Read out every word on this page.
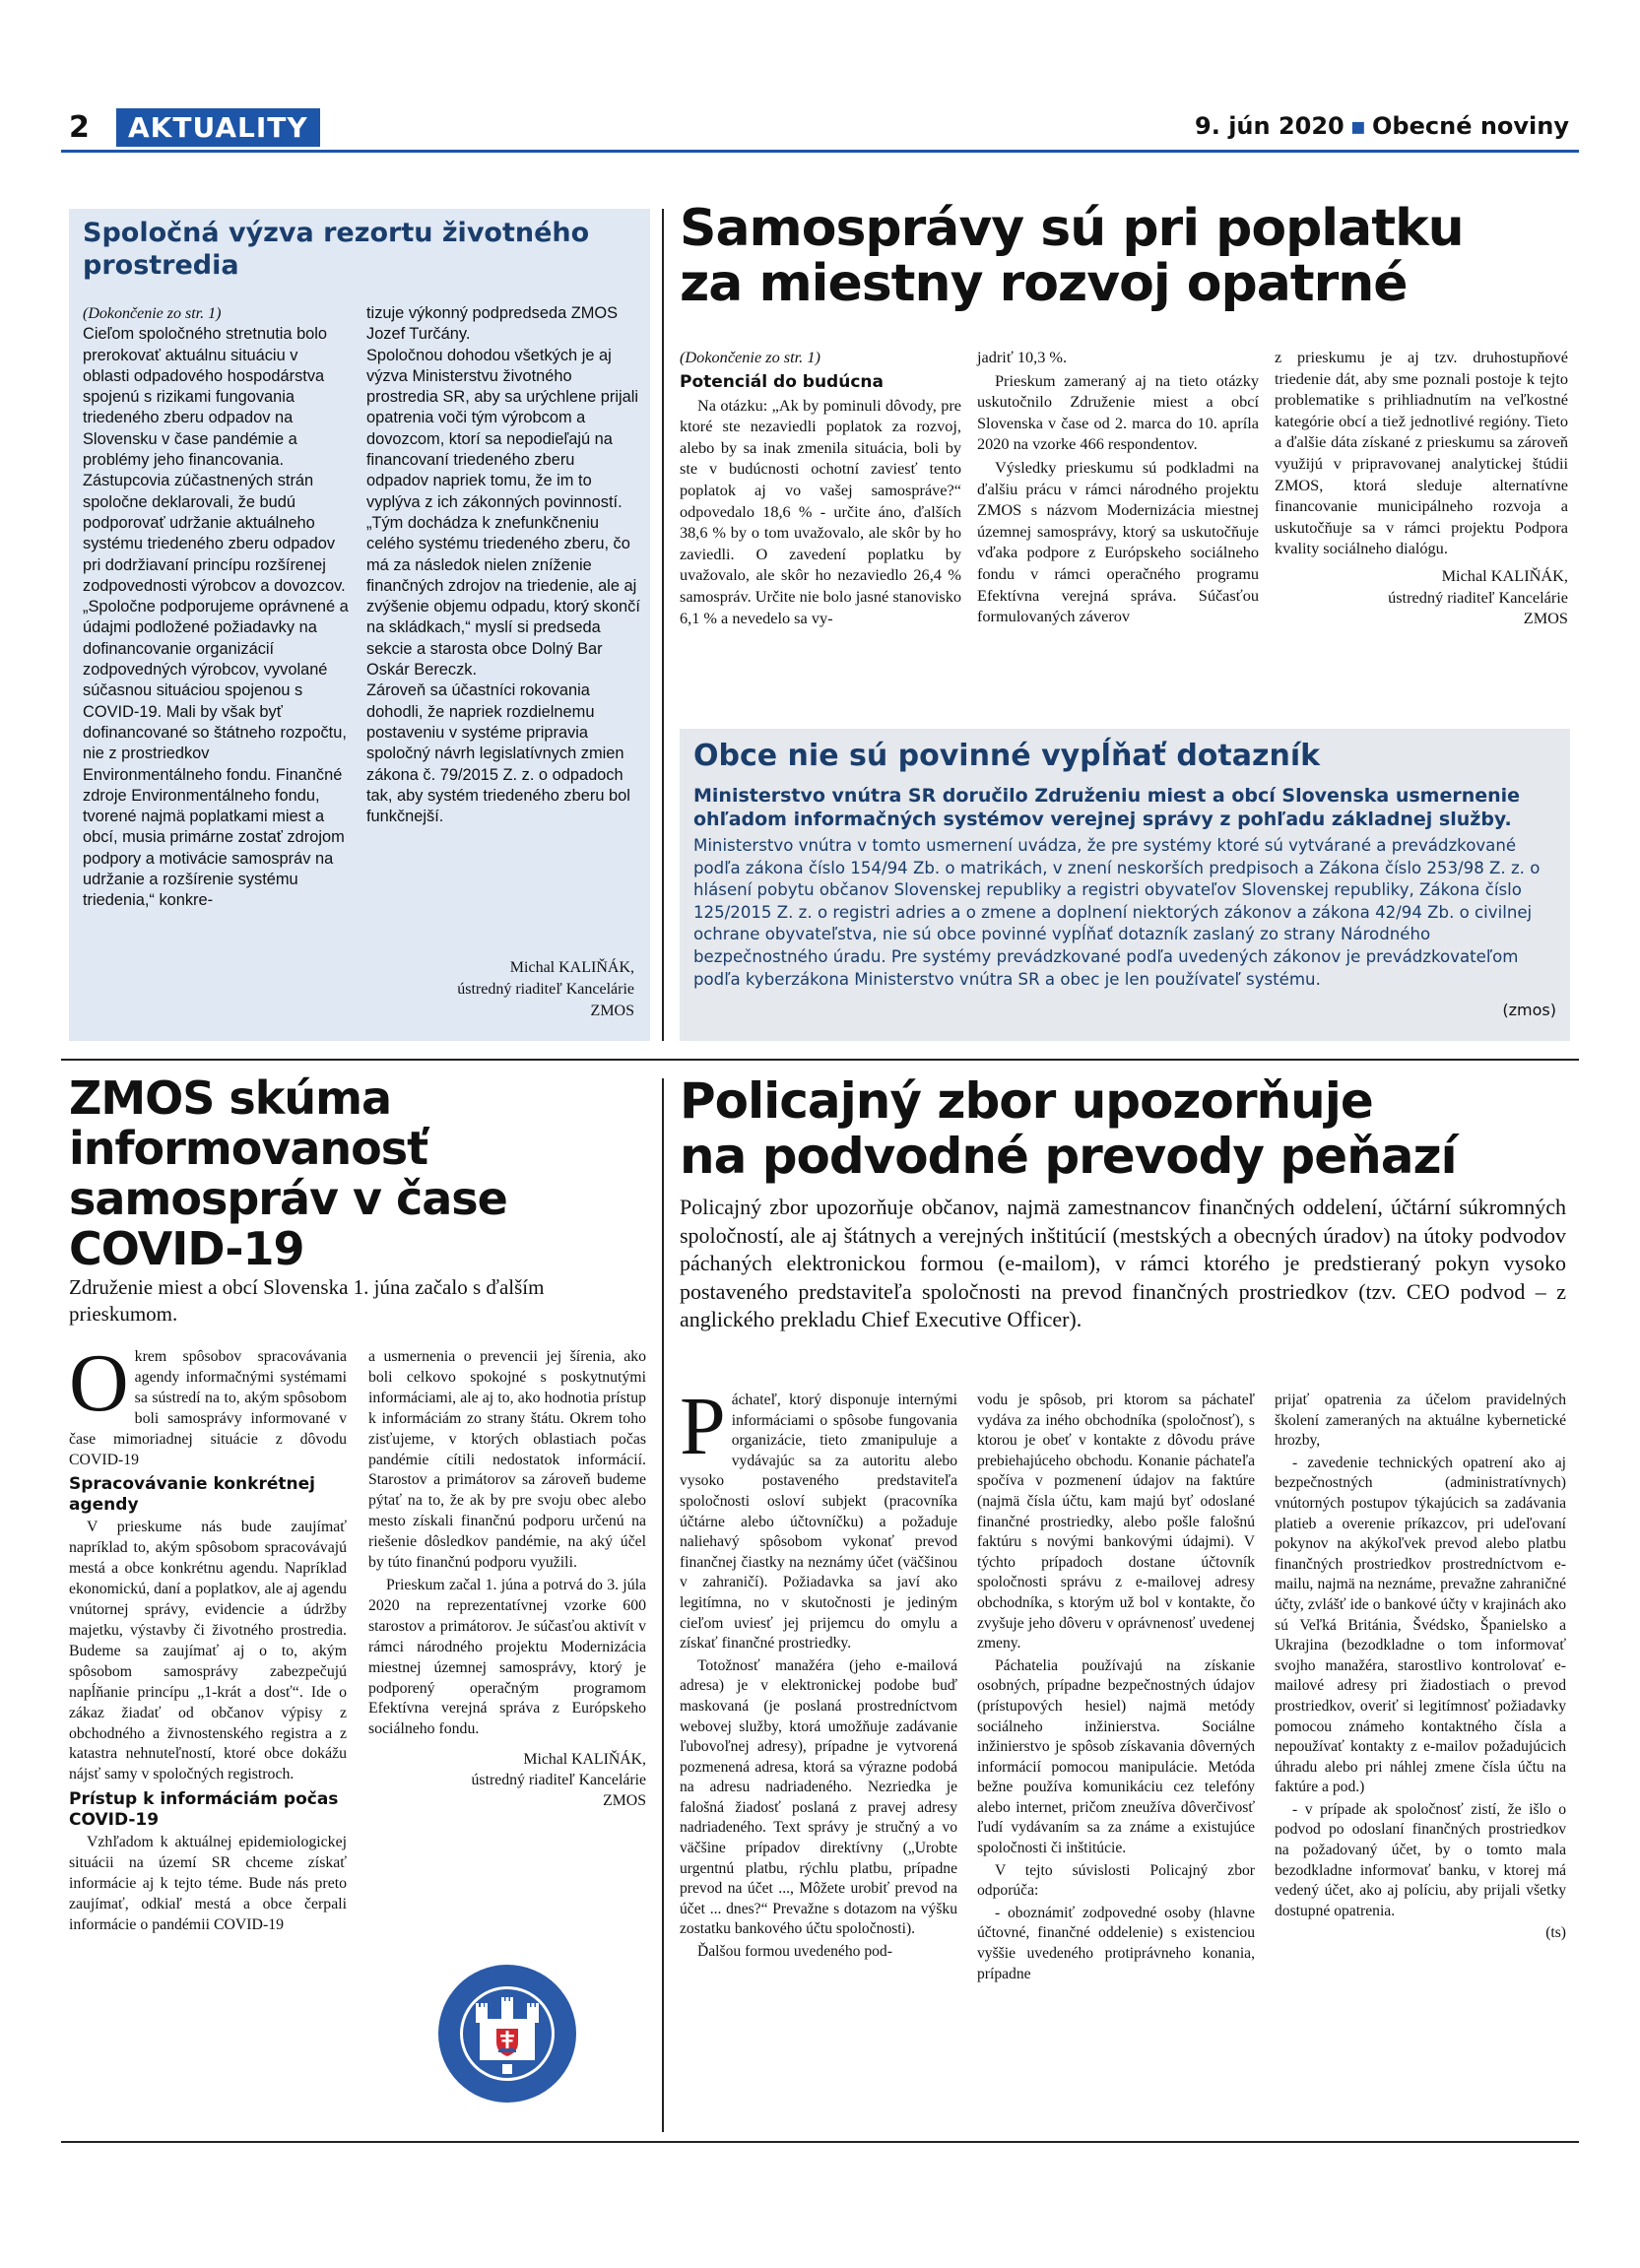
2	AKTUALITY	9. jún 2020 ▪ Obecné noviny
Spoločná výzva rezortu životného prostredia

(Dokončenie zo str. 1)

Cieľom spoločného stretnutia bolo prerokovať aktuálnu situáciu v oblasti odpadového hospodárstva spojenú s rizikami fungovania triedeného zberu odpadov na Slovensku v čase pandémie a problémy jeho financovania.

Zástupcovia zúčastnených strán spoločne deklarovali, že budú podporovať udržanie aktuálneho systému triedeného zberu odpadov pri dodržiavaní princípu rozšírenej zodpovednosti výrobcov a dovozcov. „Spoločne podporujeme oprávnené a údajmi podložené požiadavky na dofinancovanie organizácií zodpovedných výrobcov, vyvolané súčasnou situáciou spojenou s COVID-19. Mali by však byť dofinancované so štátneho rozpočtu, nie z prostriedkov Environmentálneho fondu. Finančné zdroje Environmentálneho fondu, tvorené najmä poplatkami miest a obcí, musia primárne zostať zdrojom podpory a motivácie samospráv na udržanie a rozšírenie systému triedenia,“ konkre-

tizuje výkonný podpredseda ZMOS Jozef Turčány.

Spoločnou dohodou všetkých je aj výzva Ministerstvu životného prostredia SR, aby sa urýchlene prijali opatrenia voči tým výrobcom a dovozcom, ktorí sa nepodieľajú na financovaní triedeného zberu odpadov napriek tomu, že im to vyplýva z ich zákonných povinností. „Tým dochádza k znefunkčneniu celého systému triedeného zberu, čo má za následok nielen zníženie finančných zdrojov na triedenie, ale aj zvýšenie objemu odpadu, ktorý skončí na skládkach,“ myslí si predseda sekcie a starosta obce Dolný Bar Oskár Bereczk.

Zároveň sa účastníci rokovania dohodli, že napriek rozdielnemu postaveniu v systéme pripravia spoločný návrh legislatívnych zmien zákona č. 79/2015 Z. z. o odpadoch tak, aby systém triedeného zberu bol funkčnejší.

Michal KALIŇÁK,
ústredný riaditeľ Kancelárie
ZMOS
Samosprávy sú pri poplatku
za miestny rozvoj opatrné

(Dokončenie zo str. 1)

Potenciál do budúcna

Na otázku: „Ak by pominuli dôvody, pre ktoré ste nezaviedli poplatok za rozvoj, alebo by sa inak zmenila situácia, boli by ste v budúcnosti ochotní zaviesť tento poplatok aj vo vašej samospráve?“ odpovedalo 18,6 % - určite áno, ďalších 38,6 % by o tom uvažovalo, ale skôr by ho zaviedli. O zavedení poplatku by uvažovalo, ale skôr ho nezaviedlo 26,4 % samospráv. Určite nie bolo jasné stanovisko 6,1 % a nevedelo sa vy-

jadriť 10,3 %.

Prieskum zameraný aj na tieto otázky uskutočnilo Združenie miest a obcí Slovenska v čase od 2. marca do 10. apríla 2020 na vzorke 466 respondentov.

Výsledky prieskumu sú podkladmi na ďalšiu prácu v rámci národného projektu ZMOS s názvom Modernizácia miestnej územnej samosprávy, ktorý sa uskutočňuje vďaka podpore z Európskeho sociálneho fondu v rámci operačného programu Efektívna verejná správa. Súčasťou formulovaných záverov

z prieskumu je aj tzv. druhostupňové triedenie dát, aby sme poznali postoje k tejto problematike s prihliadnutím na veľkostné kategórie obcí a tiež jednotlivé regióny. Tieto a ďalšie dáta získané z prieskumu sa zároveň využijú v pripravovanej analytickej štúdii ZMOS, ktorá sleduje alternatívne financovanie municipálneho rozvoja a uskutočňuje sa v rámci projektu Podpora kvality sociálneho dialógu.

Michal KALIŇÁK,
ústredný riaditeľ Kancelárie
ZMOS
Obce nie sú povinné vypĺňať dotazník
Ministerstvo vnútra SR doručilo Združeniu miest a obcí Slovenska usmernenie ohľadom informačných systémov verejnej správy z pohľadu základnej služby.
Ministerstvo vnútra v tomto usmernení uvádza, že pre systémy ktoré sú vytvárané a prevádzkované podľa zákona číslo 154/94 Zb. o matrikách, v znení neskorších predpisoch a Zákona číslo 253/98 Z. z. o hlásení pobytu občanov Slovenskej republiky a registri obyvateľov Slovenskej republiky, Zákona číslo 125/2015 Z. z. o registri adries a o zmene a doplnení niektorých zákonov a zákona 42/94 Zb. o civilnej ochrane obyvateľstva, nie sú obce povinné vypĺňať dotazník zaslaný zo strany Národného bezpečnostného úradu. Pre systémy prevádzkované podľa uvedených zákonov je prevádzkovateľom podľa kyberzákona Ministerstvo vnútra SR a obec je len používateľ systému.
(zmos)
ZMOS skúma
informovanosť
samospráv v čase
COVID-19
Združenie miest a obcí Slovenska 1. júna začalo s ďalším prieskumom.

Okrem spôsobov spracovávania agendy informačnými systémami sa sústredí na to, akým spôsobom boli samosprávy informované v čase mimoriadnej situácie z dôvodu COVID-19

Spracovávanie konkrétnej agendy

V prieskume nás bude zaujímať napríklad to, akým spôsobom spracovávajú mestá a obce konkrétnu agendu. Napríklad ekonomickú, daní a poplatkov, ale aj agendu vnútornej správy, evidencie a údržby majetku, výstavby či životného prostredia. Budeme sa zaujímať aj o to, akým spôsobom samosprávy zabezpečujú napĺňanie princípu „1-krát a dosť“. Ide o zákaz žiadať od občanov výpisy z obchodného a živnostenského registra a z katastra nehnuteľností, ktoré obce dokážu nájsť samy v spoločných registroch.

Prístup k informáciám počas COVID-19

Vzhľadom k aktuálnej epidemiologickej situácii na území SR chceme získať informácie aj k tejto téme. Bude nás preto zaujímať, odkiaľ mestá a obce čerpali informácie o pandémii COVID-19

a usmernenia o prevencii jej šírenia, ako boli celkovo spokojné s poskytnutými informáciami, ale aj to, ako hodnotia prístup k informáciám zo strany štátu. Okrem toho zisťujeme, v ktorých oblastiach počas pandémie cítili nedostatok informácií. Starostov a primátorov sa zároveň budeme pýtať na to, že ak by pre svoju obec alebo mesto získali finančnú podporu určenú na riešenie dôsledkov pandémie, na aký účel by túto finančnú podporu využili.

Prieskum začal 1. júna a potrvá do 3. júla 2020 na reprezentatívnej vzorke 600 starostov a primátorov. Je súčasťou aktivít v rámci národného projektu Modernizácia miestnej územnej samosprávy, ktorý je podporený operačným programom Efektívna verejná správa z Európskeho sociálneho fondu.

Michal KALIŇÁK,
ústredný riaditeľ Kancelárie
ZMOS
Policajný zbor upozorňuje
na podvodné prevody peňazí
Policajný zbor upozorňuje občanov, najmä zamestnancov finančných oddelení, účtární súkromných spoločností, ale aj štátnych a verejných inštitúcií (mestských a obecných úradov) na útoky podvodov páchaných elektronickou formou (e-mailom), v rámci ktorého je predstieraný pokyn vysoko postaveného predstaviteľa spoločnosti na prevod finančných prostriedkov (tzv. CEO podvod – z anglického prekladu Chief Executive Officer).

Páchateľ, ktorý disponuje internými informáciami o spôsobe fungovania organizácie, tieto zmanipuluje a vydávajúc sa za autoritu alebo vysoko postaveného predstaviteľa spoločnosti osloví subjekt (pracovníka účtárne alebo účtovníčku) a požaduje naliehavý spôsobom vykonať prevod finančnej čiastky na neznámy účet (väčšinou v zahraničí). Požiadavka sa javí ako legitímna, no v skutočnosti je jediným cieľom uviesť jej prijemcu do omylu a získať finančné prostriedky.

Totožnosť manažéra (jeho e-mailová adresa) je v elektronickej podobe buď maskovaná (je poslaná prostredníctvom webovej služby, ktorá umožňuje zadávanie ľubovoľnej adresy), prípadne je vytvorená pozmenená adresa, ktorá sa výrazne podobá na adresu nadriadeného. Nezriedka je falošná žiadosť poslaná z pravej adresy nadriadeného. Text správy je stručný a vo väčšine prípadov direktívny („Urobte urgentnú platbu, rýchlu platbu, prípadne prevod na účet ..., Môžete urobiť prevod na účet ... dnes?“ Prevažne s dotazom na výšku zostatku bankového účtu spoločnosti).

Ďalšou formou uvedeného pod-

vodu je spôsob, pri ktorom sa páchateľ vydáva za iného obchodníka (spoločnosť), s ktorou je obeť v kontakte z dôvodu práve prebiehajúceho obchodu. Konanie páchateľa spočíva v pozmenení údajov na faktúre (najmä čísla účtu, kam majú byť odoslané finančné prostriedky, alebo pošle falošnú faktúru s novými bankovými údajmi). V týchto prípadoch dostane účtovník spoločnosti správu z e-mailovej adresy obchodníka, s ktorým už bol v kontakte, čo zvyšuje jeho dôveru v oprávnenosť uvedenej zmeny.

Páchatelia používajú na získanie osobných, prípadne bezpečnostných údajov (prístupových hesiel) najmä metódy sociálneho inžinierstva. Sociálne inžinierstvo je spôsob získavania dôverných informácií pomocou manipulácie. Metóda bežne používa komunikáciu cez telefóny alebo internet, pričom zneužíva dôverčivosť ľudí vydávaním sa za známe a existujúce spoločnosti či inštitúcie.

V tejto súvislosti Policajný zbor odporúča:

- oboznámiť zodpovedné osoby (hlavne účtovné, finančné oddelenie) s existenciou vyššie uvedeného protiprávneho konania, prípadne

prijať opatrenia za účelom pravidelných školení zameraných na aktuálne kybernetické hrozby,

- zavedenie technických opatrení ako aj bezpečnostných (administratívnych) vnútorných postupov týkajúcich sa zadávania platieb a overenie príkazcov, pri udeľovaní pokynov na akýkoľvek prevod alebo platbu finančných prostriedkov prostredníctvom e-mailu, najmä na neznáme, prevažne zahraničné účty, zvlášť ide o bankové účty v krajinách ako sú Veľká Británia, Švédsko, Španielsko a Ukrajina (bezodkladne o tom informovať svojho manažéra, starostlivo kontrolovať e-mailové adresy pri žiadostiach o prevod prostriedkov, overiť si legitímnosť požiadavky pomocou známeho kontaktného čísla a nepoužívať kontakty z e-mailov požadujúcich úhradu alebo pri náhlej zmene čísla účtu na faktúre a pod.)

- v prípade ak spoločnosť zistí, že išlo o podvod po odoslaní finančných prostriedkov na požadovaný účet, by o tomto mala bezodkladne informovať banku, v ktorej má vedený účet, ako aj políciu, aby prijali všetky dostupné opatrenia.

(ts)
